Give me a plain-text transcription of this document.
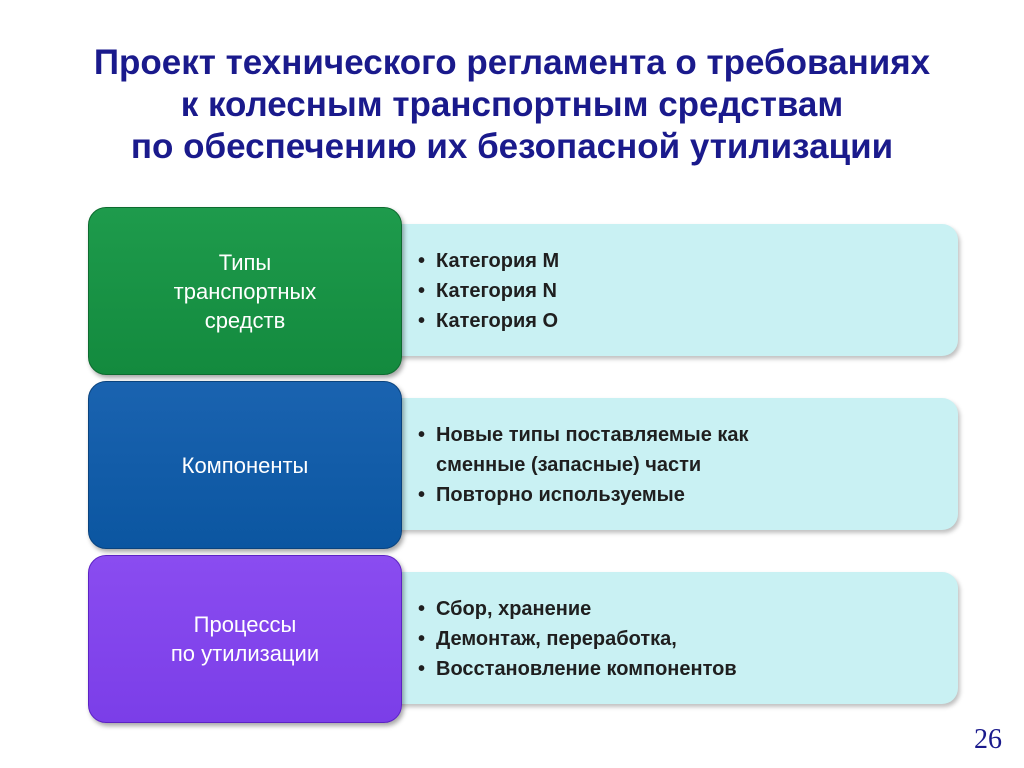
Проект технического регламента о требованиях
к колесным транспортным средствам
по обеспечению их безопасной утилизации
• Категория М
• Категория N
• Категория О
Типы
транспортных
средств
• Новые типы поставляемые как
сменные (запасные) части
• Повторно используемые
Компоненты
• Сбор, хранение
• Демонтаж, переработка,
• Восстановление компонентов
Процессы
по утилизации
26
